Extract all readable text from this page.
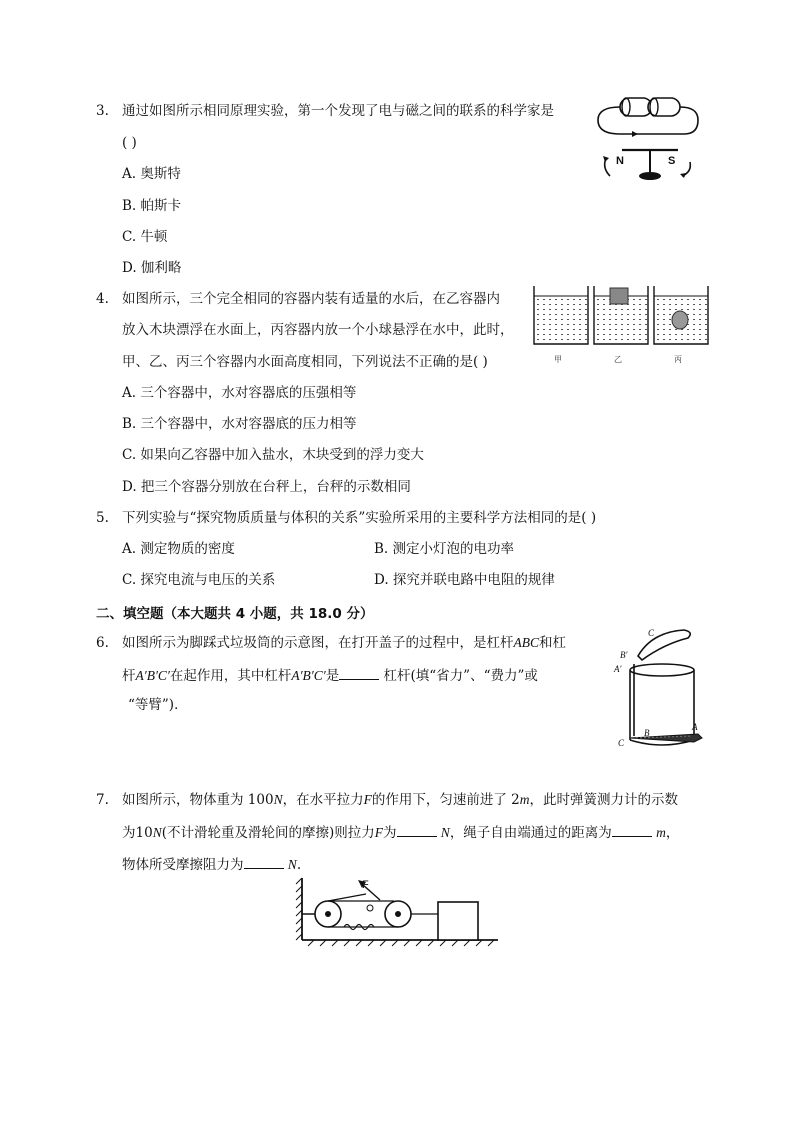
3. 通过如图所示相同原理实验，第一个发现了电与磁之间的联系的科学家是
( )
A. 奥斯特
B. 帕斯卡
C. 牛顿
D. 伽利略
N	S
4. 如图所示，三个完全相同的容器内装有适量的水后，在乙容器内
放入木块漂浮在水面上，丙容器内放一个小球悬浮在水中，此时，
甲、乙、丙三个容器内水面高度相同，下列说法不正确的是( )
A. 三个容器中，水对容器底的压强相等
B. 三个容器中，水对容器底的压力相等
C. 如果向乙容器中加入盐水，木块受到的浮力变大
D. 把三个容器分别放在台秤上，台秤的示数相同
甲	乙	丙
5. 下列实验与“探究物质质量与体积的关系”实验所采用的主要科学方法相同的是( )
A. 测定物质的密度	B. 测定小灯泡的电功率
C. 探究电流与电压的关系	D. 探究并联电路中电阻的规律
二、填空题（本大题共 4 小题，共 18.0 分）
6. 如图所示为脚踩式垃圾筒的示意图，在打开盖子的过程中，是杠杆ABC和杠
杆A′B′C′在起作用，其中杠杆A′B′C′是	杠杆(填“省力”、“费力”或
“等臂”)．
C
B′
A′
C
B
A
7. 如图所示，物体重为 100N，在水平拉力F的作用下，匀速前进了 2m，此时弹簧测力计的示数
为10N(不计滑轮重及滑轮间的摩擦)则拉力F为	N，绳子自由端通过的距离为	m，
物体所受摩擦阻力为	N.
F
